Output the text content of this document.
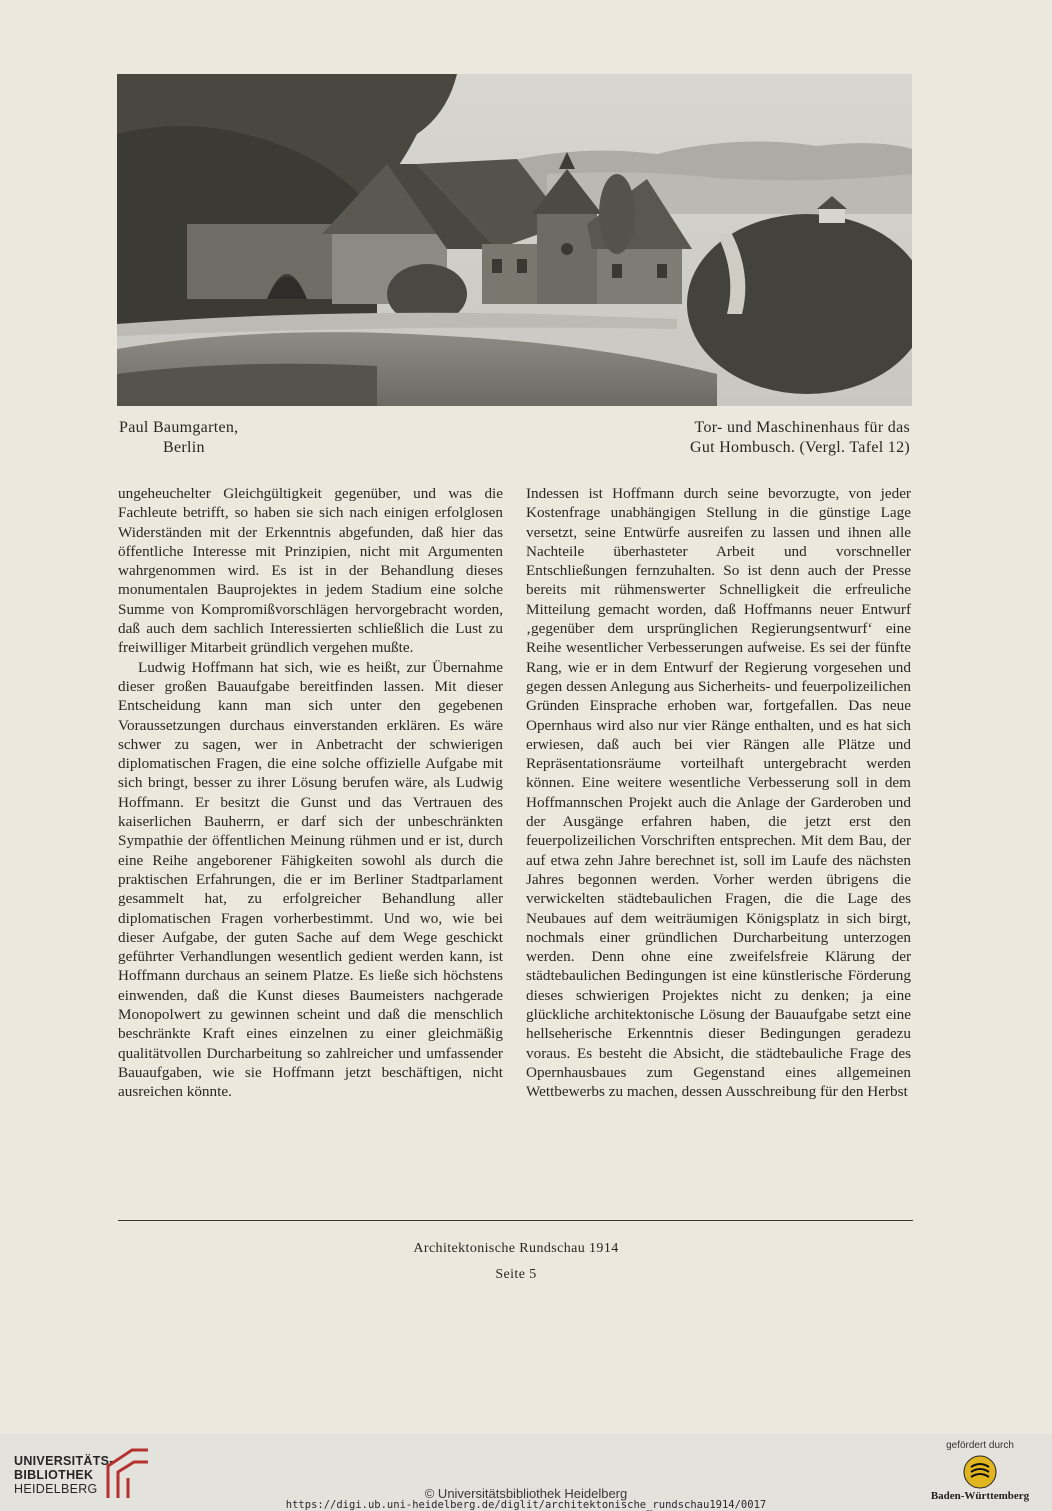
Paul Baumgarten,
Berlin
Tor- und Maschinenhaus für das
Gut Hombusch. (Vergl. Tafel 12)

ungeheuchelter Gleichgültigkeit gegenüber, und was die Fachleute betrifft, so haben sie sich nach einigen erfolglosen Widerständen mit der Erkenntnis abgefunden, daß hier das öffentliche Interesse mit Prinzipien, nicht mit Argumenten wahrgenommen wird. Es ist in der Behandlung dieses monumentalen Bauprojektes in jedem Stadium eine solche Summe von Kompromißvorschlägen hervorgebracht worden, daß auch dem sachlich Interessierten schließlich die Lust zu freiwilliger Mitarbeit gründlich vergehen mußte.

Ludwig Hoffmann hat sich, wie es heißt, zur Übernahme dieser großen Bauaufgabe bereitfinden lassen. Mit dieser Entscheidung kann man sich unter den gegebenen Voraussetzungen durchaus einverstanden erklären. Es wäre schwer zu sagen, wer in Anbetracht der schwierigen diplomatischen Fragen, die eine solche offizielle Aufgabe mit sich bringt, besser zu ihrer Lösung berufen wäre, als Ludwig Hoffmann. Er besitzt die Gunst und das Vertrauen des kaiserlichen Bauherrn, er darf sich der unbeschränkten Sympathie der öffentlichen Meinung rühmen und er ist, durch eine Reihe angeborener Fähigkeiten sowohl als durch die praktischen Erfahrungen, die er im Berliner Stadtparlament gesammelt hat, zu erfolgreicher Behandlung aller diplomatischen Fragen vorherbestimmt. Und wo, wie bei dieser Aufgabe, der guten Sache auf dem Wege geschickt geführter Verhandlungen wesentlich gedient werden kann, ist Hoffmann durchaus an seinem Platze. Es ließe sich höchstens einwenden, daß die Kunst dieses Baumeisters nachgerade Monopolwert zu gewinnen scheint und daß die menschlich beschränkte Kraft eines einzelnen zu einer gleichmäßig qualitätvollen Durcharbeitung so zahlreicher und umfassender Bauaufgaben, wie sie Hoffmann jetzt beschäftigen, nicht ausreichen könnte.

Indessen ist Hoffmann durch seine bevorzugte, von jeder Kostenfrage unabhängigen Stellung in die günstige Lage versetzt, seine Entwürfe ausreifen zu lassen und ihnen alle Nachteile überhasteter Arbeit und vorschneller Entschließungen fernzuhalten. So ist denn auch der Presse bereits mit rühmenswerter Schnelligkeit die erfreuliche Mitteilung gemacht worden, daß Hoffmanns neuer Entwurf ‚gegenüber dem ursprünglichen Regierungsentwurf‘ eine Reihe wesentlicher Verbesserungen aufweise. Es sei der fünfte Rang, wie er in dem Entwurf der Regierung vorgesehen und gegen dessen Anlegung aus Sicherheits- und feuerpolizeilichen Gründen Einsprache erhoben war, fortgefallen. Das neue Opernhaus wird also nur vier Ränge enthalten, und es hat sich erwiesen, daß auch bei vier Rängen alle Plätze und Repräsentationsräume vorteilhaft untergebracht werden können. Eine weitere wesentliche Verbesserung soll in dem Hoffmannschen Projekt auch die Anlage der Garderoben und der Ausgänge erfahren haben, die jetzt erst den feuerpolizeilichen Vorschriften entsprechen. Mit dem Bau, der auf etwa zehn Jahre berechnet ist, soll im Laufe des nächsten Jahres begonnen werden. Vorher werden übrigens die verwickelten städtebaulichen Fragen, die die Lage des Neubaues auf dem weiträumigen Königsplatz in sich birgt, nochmals einer gründlichen Durcharbeitung unterzogen werden. Denn ohne eine zweifelsfreie Klärung der städtebaulichen Bedingungen ist eine künstlerische Förderung dieses schwierigen Projektes nicht zu denken; ja eine glückliche architektonische Lösung der Bauaufgabe setzt eine hellseherische Erkenntnis dieser Bedingungen geradezu voraus. Es besteht die Absicht, die städtebauliche Frage des Opernhausbaues zum Gegenstand eines allgemeinen Wettbewerbs zu machen, dessen Ausschreibung für den Herbst

Architektonische Rundschau 1914
Seite 5
UNIVERSITÄTS-
BIBLIOTHEK
HEIDELBERG	© Universitätsbibliothek Heidelberg
https://digi.ub.uni-heidelberg.de/diglit/architektonische_rundschau1914/0017
gefördert durch
Baden-Württemberg
